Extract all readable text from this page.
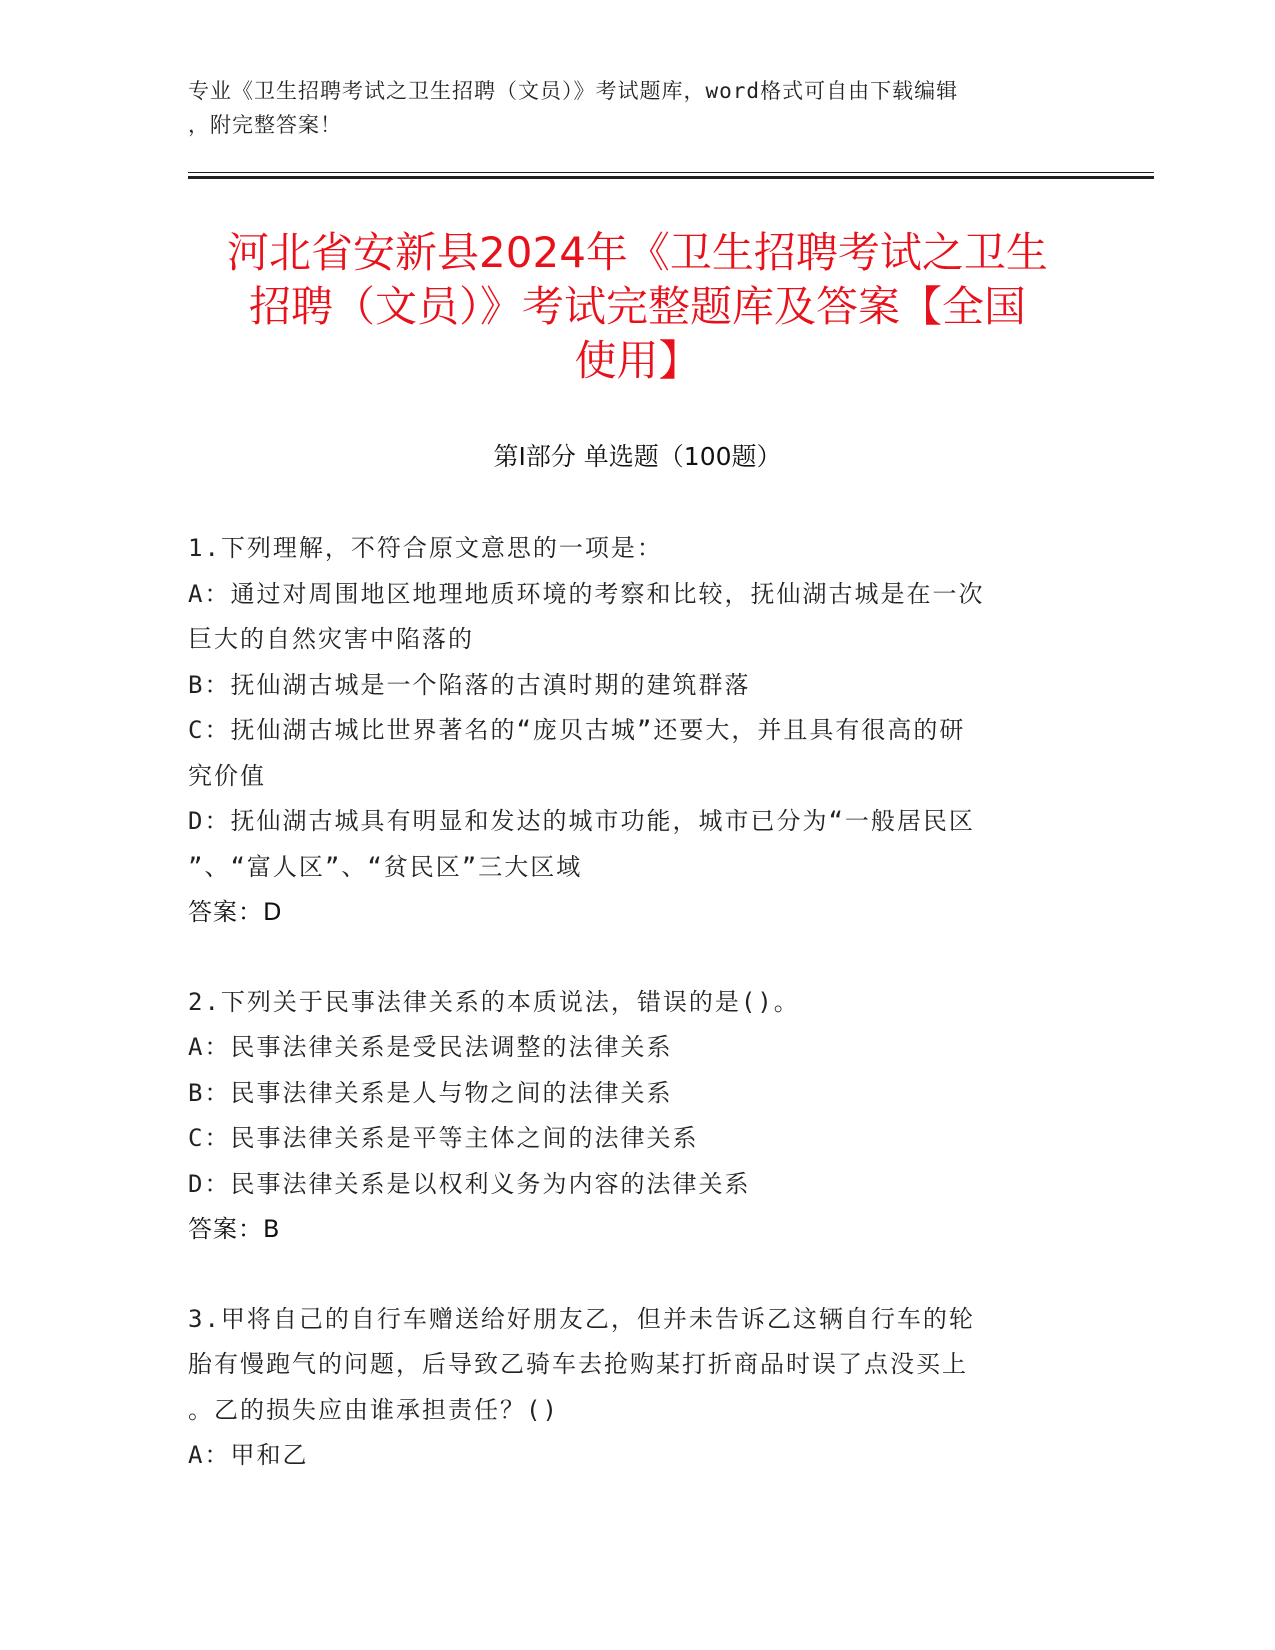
专业《卫生招聘考试之卫生招聘（文员）》考试题库，word格式可自由下载编辑
，附完整答案！
河北省安新县2024年《卫生招聘考试之卫生
招聘（文员）》考试完整题库及答案【全国
使用】
第Ⅰ部分 单选题（100题）
1.下列理解，不符合原文意思的一项是：
A：通过对周围地区地理地质环境的考察和比较，抚仙湖古城是在一次
巨大的自然灾害中陷落的
B：抚仙湖古城是一个陷落的古滇时期的建筑群落
C：抚仙湖古城比世界著名的“庞贝古城”还要大，并且具有很高的研
究价值
D：抚仙湖古城具有明显和发达的城市功能，城市已分为“一般居民区
”、“富人区”、“贫民区”三大区域
答案：D
2.下列关于民事法律关系的本质说法，错误的是()。
A：民事法律关系是受民法调整的法律关系
B：民事法律关系是人与物之间的法律关系
C：民事法律关系是平等主体之间的法律关系
D：民事法律关系是以权利义务为内容的法律关系
答案：B
3.甲将自己的自行车赠送给好朋友乙，但并未告诉乙这辆自行车的轮
胎有慢跑气的问题，后导致乙骑车去抢购某打折商品时误了点没买上
。乙的损失应由谁承担责任？()
A：甲和乙
